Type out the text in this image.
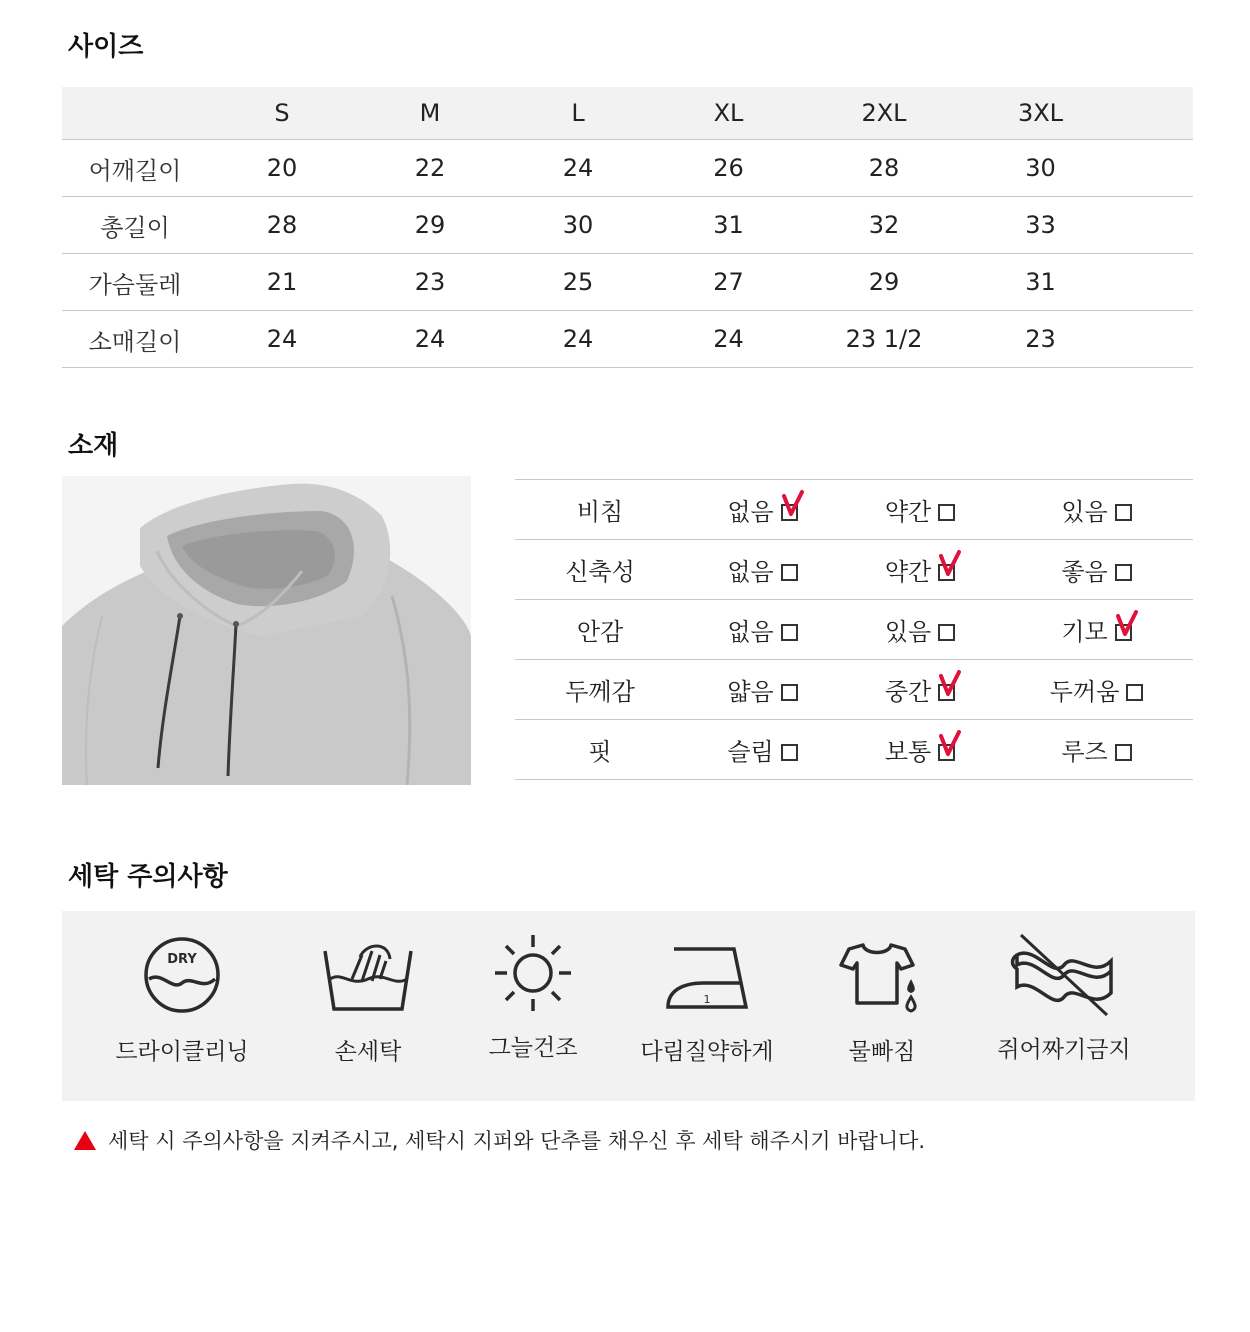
사이즈
	S	M	L	XL	2XL	3XL	
어깨길이	20	22	24	26	28	30	
총길이	28	29	30	31	32	33	
가슴둘레	21	23	25	27	29	31	
소매길이	24	24	24	24	23 1/2	23	
소재
비침	없음	약간	있음
신축성	없음	약간	좋음
안감	없음	있음	기모

두께감	얇음	중간	두꺼움
핏	슬림	보통	루즈
세탁 주의사항
DRY
드라이클리닝	손세탁	그늘건조
1
다림질약하게	물빠짐	쥐어짜기금지
세탁 시 주의사항을 지켜주시고, 세탁시 지퍼와 단추를 채우신 후 세탁 해주시기 바랍니다.
